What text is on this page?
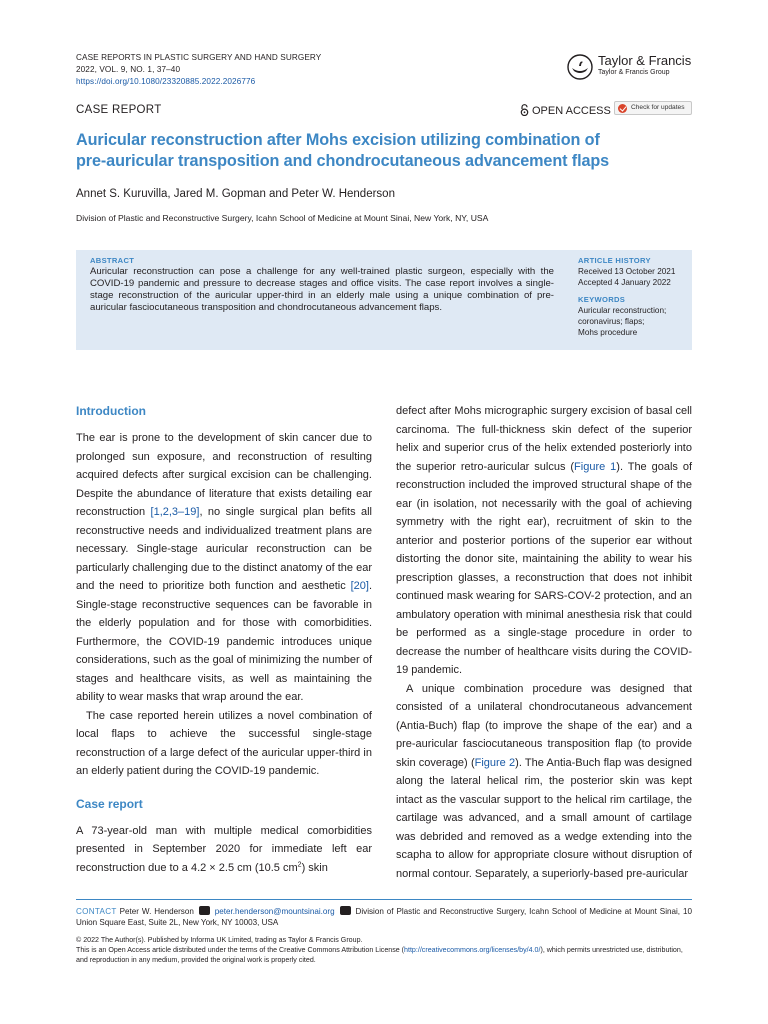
CASE REPORTS IN PLASTIC SURGERY AND HAND SURGERY
2022, VOL. 9, NO. 1, 37–40
https://doi.org/10.1080/23320885.2022.2026776
Taylor & Francis
Taylor & Francis Group
CASE REPORT	OPEN ACCESS	Check for updates
Auricular reconstruction after Mohs excision utilizing combination of
pre-auricular transposition and chondrocutaneous advancement flaps
Annet S. Kuruvilla, Jared M. Gopman and Peter W. Henderson
Division of Plastic and Reconstructive Surgery, Icahn School of Medicine at Mount Sinai, New York, NY, USA
ABSTRACT
Auricular reconstruction can pose a challenge for any well-trained plastic surgeon, especially with the COVID-19 pandemic and pressure to decrease stages and office visits. The case report involves a single-stage reconstruction of the auricular upper-third in an elderly male using a unique combination of pre-auricular fasciocutaneous transposition and chondrocutaneous advancement flaps.
ARTICLE HISTORY
Received 13 October 2021
Accepted 4 January 2022
KEYWORDS
Auricular reconstruction;
coronavirus; flaps;
Mohs procedure
Introduction

The ear is prone to the development of skin cancer due to prolonged sun exposure, and reconstruction of resulting acquired defects after surgical excision can be challenging. Despite the abundance of literature that exists detailing ear reconstruction [1,2,3–19], no single surgical plan befits all reconstructive needs and individualized treatment plans are necessary. Single-stage auricular reconstruction can be particularly challenging due to the distinct anatomy of the ear and the need to prioritize both function and aesthetic [20]. Single-stage reconstructive sequences can be favorable in the elderly population and for those with comorbidities. Furthermore, the COVID-19 pandemic introduces unique considerations, such as the goal of minimizing the number of stages and healthcare visits, as well as maintaining the ability to wear masks that wrap around the ear.

The case reported herein utilizes a novel combination of local flaps to achieve the successful single-stage reconstruction of a large defect of the auricular upper-third in an elderly patient during the COVID-19 pandemic.

Case report

A 73-year-old man with multiple medical comorbidities presented in September 2020 for immediate left ear reconstruction due to a 4.2 × 2.5 cm (10.5 $cm^2$) skin

defect after Mohs micrographic surgery excision of basal cell carcinoma. The full-thickness skin defect of the superior helix and superior crus of the helix extended posteriorly into the superior retro-auricular sulcus (Figure 1). The goals of reconstruction included the improved structural shape of the ear (in isolation, not necessarily with the goal of achieving symmetry with the right ear), recruitment of skin to the anterior and posterior portions of the superior ear without distorting the donor site, maintaining the ability to wear his prescription glasses, a reconstruction that does not inhibit continued mask wearing for SARS-COV-2 protection, and an ambulatory operation with minimal anesthesia risk that could be performed as a single-stage procedure in order to decrease the number of healthcare visits during the COVID-19 pandemic.

A unique combination procedure was designed that consisted of a unilateral chondrocutaneous advancement (Antia-Buch) flap (to improve the shape of the ear) and a pre-auricular fasciocutaneous transposition flap (to provide skin coverage) (Figure 2). The Antia-Buch flap was designed along the lateral helical rim, the posterior skin was kept intact as the vascular support to the helical rim cartilage, the cartilage was advanced, and a small amount of cartilage was debrided and removed as a wedge extending into the scapha to allow for appropriate closure without disruption of normal contour. Separately, a superiorly-based pre-auricular

CONTACT Peter W. Henderson	peter.henderson@mountsinai.org	Division of Plastic and Reconstructive Surgery, Icahn School of Medicine at Mount Sinai, 10 Union Square East, Suite 2L, New York, NY 10003, USA
© 2022 The Author(s). Published by Informa UK Limited, trading as Taylor & Francis Group.
This is an Open Access article distributed under the terms of the Creative Commons Attribution License (http://creativecommons.org/licenses/by/4.0/), which permits unrestricted use, distribution, and reproduction in any medium, provided the original work is properly cited.
